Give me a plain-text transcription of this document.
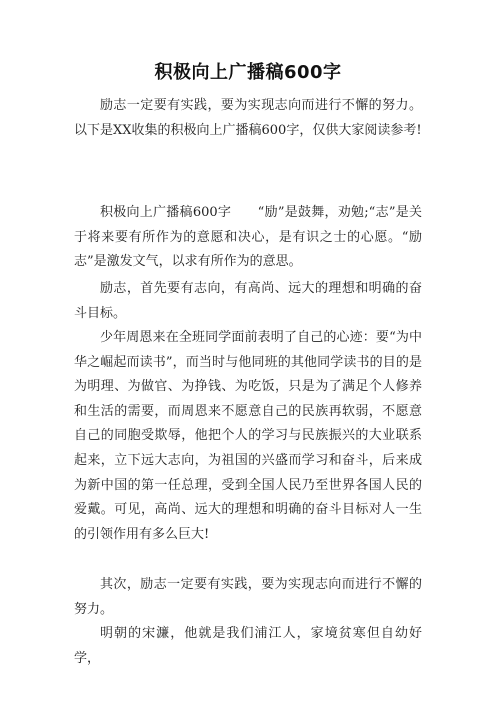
积极向上广播稿600字

励志一定要有实践，要为实现志向而进行不懈的努力。以下是XX收集的积极向上广播稿600字，仅供大家阅读参考!

积极向上广播稿600字　　“励”是鼓舞，劝勉;“志”是关于将来要有所作为的意愿和决心，是有识之士的心愿。“励志”是激发文气，以求有所作为的意思。

励志，首先要有志向，有高尚、远大的理想和明确的奋斗目标。

少年周恩来在全班同学面前表明了自己的心迹：要“为中华之崛起而读书”，而当时与他同班的其他同学读书的目的是为明理、为做官、为挣钱、为吃饭，只是为了满足个人修养和生活的需要，而周恩来不愿意自己的民族再软弱，不愿意自己的同胞受欺辱，他把个人的学习与民族振兴的大业联系起来，立下远大志向，为祖国的兴盛而学习和奋斗，后来成为新中国的第一任总理，受到全国人民乃至世界各国人民的爱戴。可见，高尚、远大的理想和明确的奋斗目标对人一生的引领作用有多么巨大!

其次，励志一定要有实践，要为实现志向而进行不懈的努力。

明朝的宋濂，他就是我们浦江人，家境贫寒但自幼好学，
